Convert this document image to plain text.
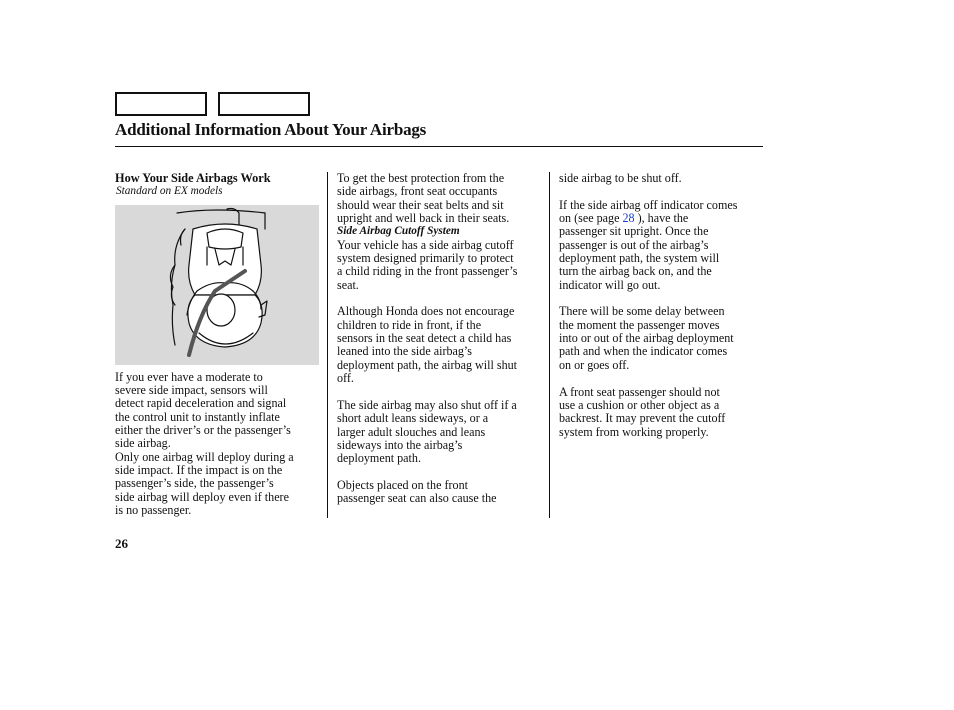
Additional Information About Your Airbags

How Your Side Airbags Work

Standard on EX models

If you ever have a moderate to
severe side impact, sensors will
detect rapid deceleration and signal
the control unit to instantly inflate
either the driver’s or the passenger’s
side airbag.

Only one airbag will deploy during a
side impact. If the impact is on the
passenger’s side, the passenger’s
side airbag will deploy even if there
is no passenger.

To get the best protection from the
side airbags, front seat occupants
should wear their seat belts and sit
upright and well back in their seats.

Side Airbag Cutoff System

Your vehicle has a side airbag cutoff
system designed primarily to protect
a child riding in the front passenger’s
seat.

Although Honda does not encourage
children to ride in front, if the
sensors in the seat detect a child has
leaned into the side airbag’s
deployment path, the airbag will shut
off.

The side airbag may also shut off if a
short adult leans sideways, or a
larger adult slouches and leans
sideways into the airbag’s
deployment path.

Objects placed on the front
passenger seat can also cause the

side airbag to be shut off.

If the side airbag off indicator comes
on (see page 28 ), have the
passenger sit upright. Once the
passenger is out of the airbag’s
deployment path, the system will
turn the airbag back on, and the
indicator will go out.

There will be some delay between
the moment the passenger moves
into or out of the airbag deployment
path and when the indicator comes
on or goes off.

A front seat passenger should not
use a cushion or other object as a
backrest. It may prevent the cutoff
system from working properly.

26
